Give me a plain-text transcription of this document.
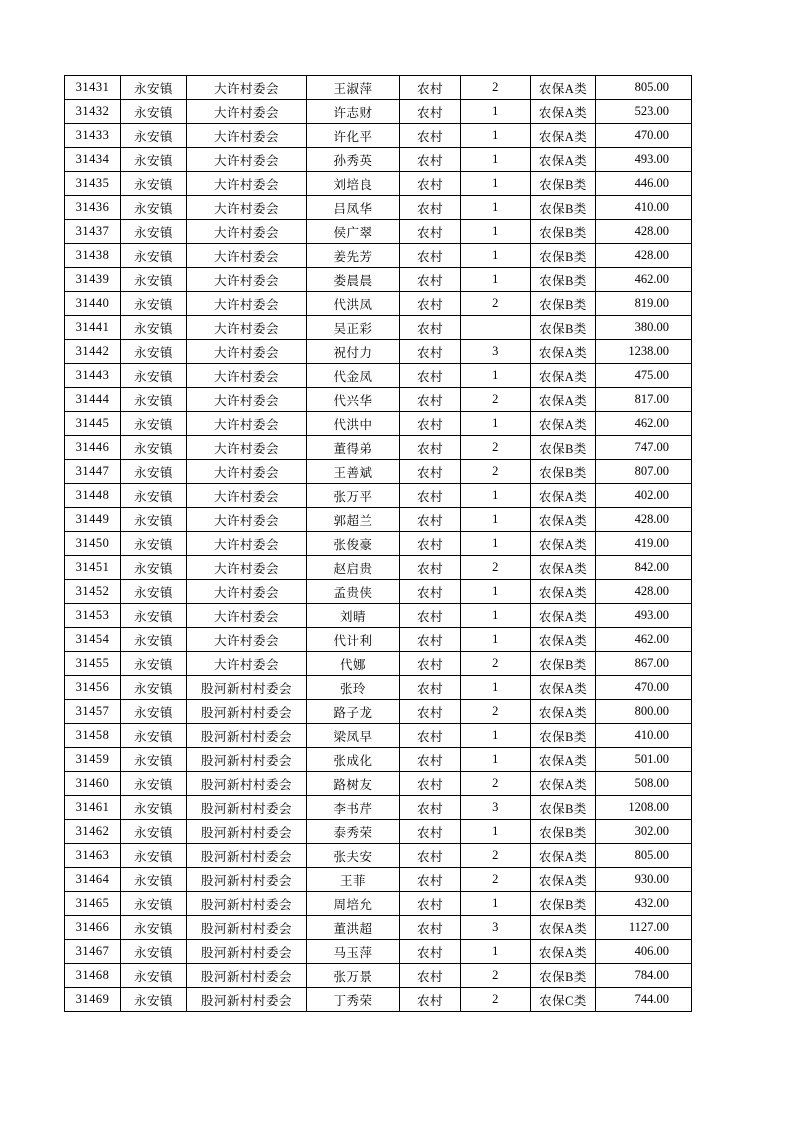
31431	永安镇	大许村委会	王淑萍	农村	2	农保A类	805.00
31432	永安镇	大许村委会	许志财	农村	1	农保A类	523.00
31433	永安镇	大许村委会	许化平	农村	1	农保A类	470.00
31434	永安镇	大许村委会	孙秀英	农村	1	农保A类	493.00
31435	永安镇	大许村委会	刘培良	农村	1	农保B类	446.00
31436	永安镇	大许村委会	吕凤华	农村	1	农保B类	410.00
31437	永安镇	大许村委会	侯广翠	农村	1	农保B类	428.00
31438	永安镇	大许村委会	姜先芳	农村	1	农保B类	428.00
31439	永安镇	大许村委会	娄晨晨	农村	1	农保B类	462.00
31440	永安镇	大许村委会	代洪凤	农村	2	农保B类	819.00
31441	永安镇	大许村委会	吴正彩	农村		农保B类	380.00
31442	永安镇	大许村委会	祝付力	农村	3	农保A类	1238.00
31443	永安镇	大许村委会	代金凤	农村	1	农保A类	475.00
31444	永安镇	大许村委会	代兴华	农村	2	农保A类	817.00
31445	永安镇	大许村委会	代洪中	农村	1	农保A类	462.00
31446	永安镇	大许村委会	董得弟	农村	2	农保B类	747.00
31447	永安镇	大许村委会	王善斌	农村	2	农保B类	807.00
31448	永安镇	大许村委会	张万平	农村	1	农保A类	402.00
31449	永安镇	大许村委会	郭超兰	农村	1	农保A类	428.00
31450	永安镇	大许村委会	张俊豪	农村	1	农保A类	419.00
31451	永安镇	大许村委会	赵启贵	农村	2	农保A类	842.00
31452	永安镇	大许村委会	孟贵侠	农村	1	农保A类	428.00
31453	永安镇	大许村委会	刘晴	农村	1	农保A类	493.00
31454	永安镇	大许村委会	代计利	农村	1	农保A类	462.00
31455	永安镇	大许村委会	代娜	农村	2	农保B类	867.00
31456	永安镇	股河新村村委会	张玲	农村	1	农保A类	470.00
31457	永安镇	股河新村村委会	路子龙	农村	2	农保A类	800.00
31458	永安镇	股河新村村委会	梁凤早	农村	1	农保B类	410.00
31459	永安镇	股河新村村委会	张成化	农村	1	农保A类	501.00
31460	永安镇	股河新村村委会	路树友	农村	2	农保A类	508.00
31461	永安镇	股河新村村委会	李书芹	农村	3	农保B类	1208.00
31462	永安镇	股河新村村委会	泰秀荣	农村	1	农保B类	302.00
31463	永安镇	股河新村村委会	张夫安	农村	2	农保A类	805.00
31464	永安镇	股河新村村委会	王菲	农村	2	农保A类	930.00
31465	永安镇	股河新村村委会	周培允	农村	1	农保B类	432.00
31466	永安镇	股河新村村委会	董洪超	农村	3	农保A类	1127.00
31467	永安镇	股河新村村委会	马玉萍	农村	1	农保A类	406.00
31468	永安镇	股河新村村委会	张万景	农村	2	农保B类	784.00
31469	永安镇	股河新村村委会	丁秀荣	农村	2	农保C类	744.00
